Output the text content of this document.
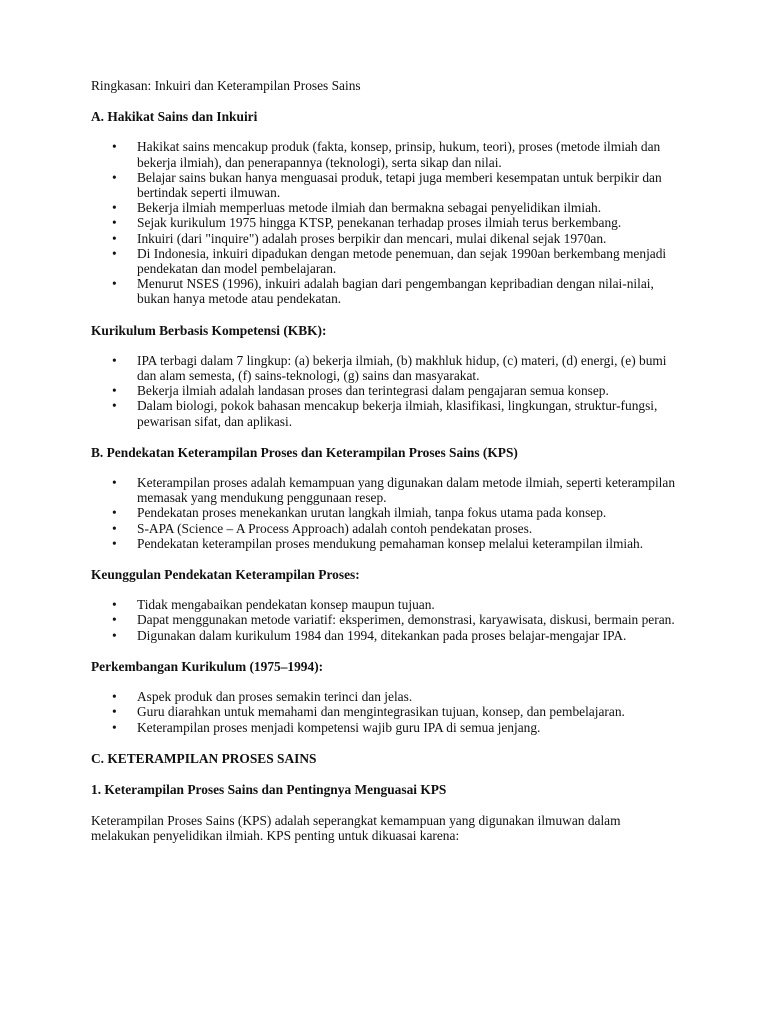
Ringkasan: Inkuiri dan Keterampilan Proses Sains
A. Hakikat Sains dan Inkuiri
• Hakikat sains mencakup produk (fakta, konsep, prinsip, hukum, teori), proses (metode ilmiah dan bekerja ilmiah), dan penerapannya (teknologi), serta sikap dan nilai.
• Belajar sains bukan hanya menguasai produk, tetapi juga memberi kesempatan untuk berpikir dan bertindak seperti ilmuwan.
• Bekerja ilmiah memperluas metode ilmiah dan bermakna sebagai penyelidikan ilmiah.
• Sejak kurikulum 1975 hingga KTSP, penekanan terhadap proses ilmiah terus berkembang.
• Inkuiri (dari "inquire") adalah proses berpikir dan mencari, mulai dikenal sejak 1970an.
• Di Indonesia, inkuiri dipadukan dengan metode penemuan, dan sejak 1990an berkembang menjadi pendekatan dan model pembelajaran.
• Menurut NSES (1996), inkuiri adalah bagian dari pengembangan kepribadian dengan nilai-nilai, bukan hanya metode atau pendekatan.
Kurikulum Berbasis Kompetensi (KBK):
• IPA terbagi dalam 7 lingkup: (a) bekerja ilmiah, (b) makhluk hidup, (c) materi, (d) energi, (e) bumi dan alam semesta, (f) sains-teknologi, (g) sains dan masyarakat.
• Bekerja ilmiah adalah landasan proses dan terintegrasi dalam pengajaran semua konsep.
• Dalam biologi, pokok bahasan mencakup bekerja ilmiah, klasifikasi, lingkungan, struktur-fungsi, pewarisan sifat, dan aplikasi.
B. Pendekatan Keterampilan Proses dan Keterampilan Proses Sains (KPS)
• Keterampilan proses adalah kemampuan yang digunakan dalam metode ilmiah, seperti keterampilan memasak yang mendukung penggunaan resep.
• Pendekatan proses menekankan urutan langkah ilmiah, tanpa fokus utama pada konsep.
• S-APA (Science – A Process Approach) adalah contoh pendekatan proses.
• Pendekatan keterampilan proses mendukung pemahaman konsep melalui keterampilan ilmiah.
Keunggulan Pendekatan Keterampilan Proses:
• Tidak mengabaikan pendekatan konsep maupun tujuan.
• Dapat menggunakan metode variatif: eksperimen, demonstrasi, karyawisata, diskusi, bermain peran.
• Digunakan dalam kurikulum 1984 dan 1994, ditekankan pada proses belajar-mengajar IPA.
Perkembangan Kurikulum (1975–1994):
• Aspek produk dan proses semakin terinci dan jelas.
• Guru diarahkan untuk memahami dan mengintegrasikan tujuan, konsep, dan pembelajaran.
• Keterampilan proses menjadi kompetensi wajib guru IPA di semua jenjang.
C. KETERAMPILAN PROSES SAINS
1. Keterampilan Proses Sains dan Pentingnya Menguasai KPS

Keterampilan Proses Sains (KPS) adalah seperangkat kemampuan yang digunakan ilmuwan dalam melakukan penyelidikan ilmiah. KPS penting untuk dikuasai karena:
